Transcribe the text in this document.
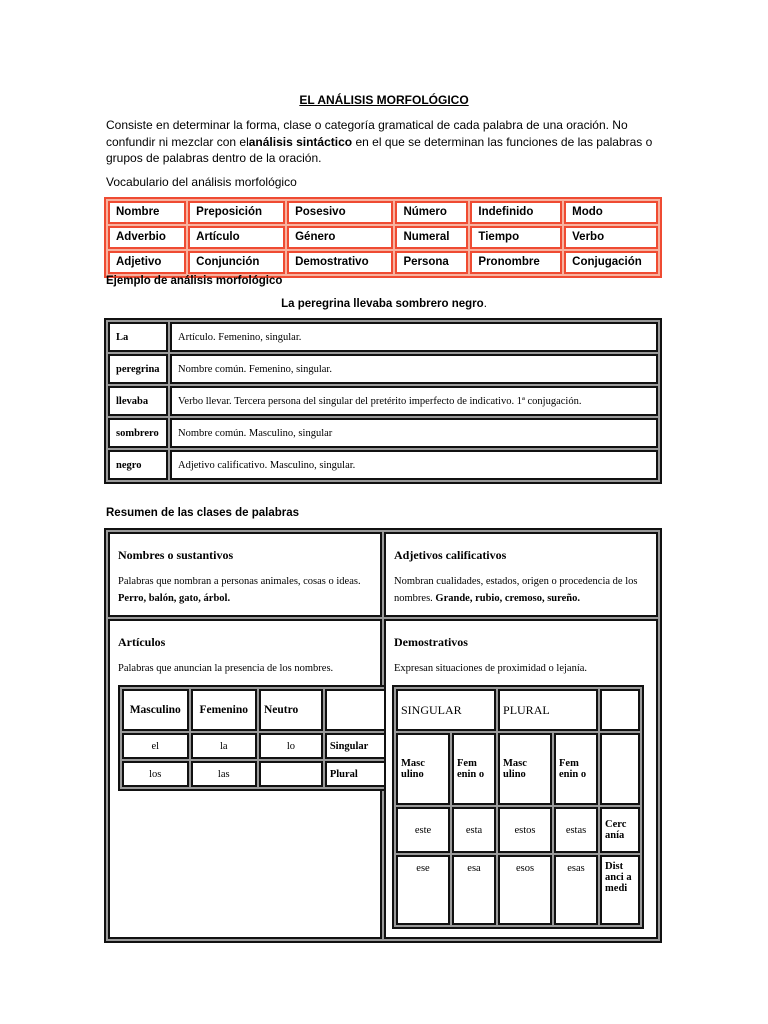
EL ANÁLISIS MORFOLÓGICO
Consiste en determinar la forma, clase o categoría gramatical de cada palabra de una oración. No confundir ni mezclar con elanálisis sintáctico en el que se determinan las funciones de las palabras o grupos de palabras dentro de la oración.
Vocabulario del análisis morfológico
Nombre	Preposición	Posesivo	Número	Indefinido	Modo
Adverbio	Artículo	Género	Numeral	Tiempo	Verbo
Adjetivo	Conjunción	Demostrativo	Persona	Pronombre	Conjugación
Ejemplo de análisis morfológico
La peregrina llevaba sombrero negro.
La	Artículo. Femenino, singular.
peregrina	Nombre común. Femenino, singular.
llevaba	Verbo llevar. Tercera persona del singular del pretérito imperfecto de indicativo. 1ª conjugación.
sombrero	Nombre común. Masculino, singular
negro	Adjetivo calificativo. Masculino, singular.
Resumen de las clases de palabras
Nombres o sustantivos
Palabras que nombran a personas animales, cosas o ideas. Perro, balón, gato, árbol.

Adjetivos calificativos
Nombran cualidades, estados, origen o procedencia de los nombres. Grande, rubio, cremoso, sureño.

Artículos
Palabras que anuncian la presencia de los nombres.
Masculino	Femenino	Neutro	
el	la	lo	Singular
los	las		Plural

Demostrativos
Expresan situaciones de proximidad o lejanía.
SINGULAR	PLURAL	
Masc ulino	Fem enin o	Masc ulino	Fem enin o	
este	esta	estos	estas	Cerc anía
ese	esa	esos	esas	Dist anci a medi
